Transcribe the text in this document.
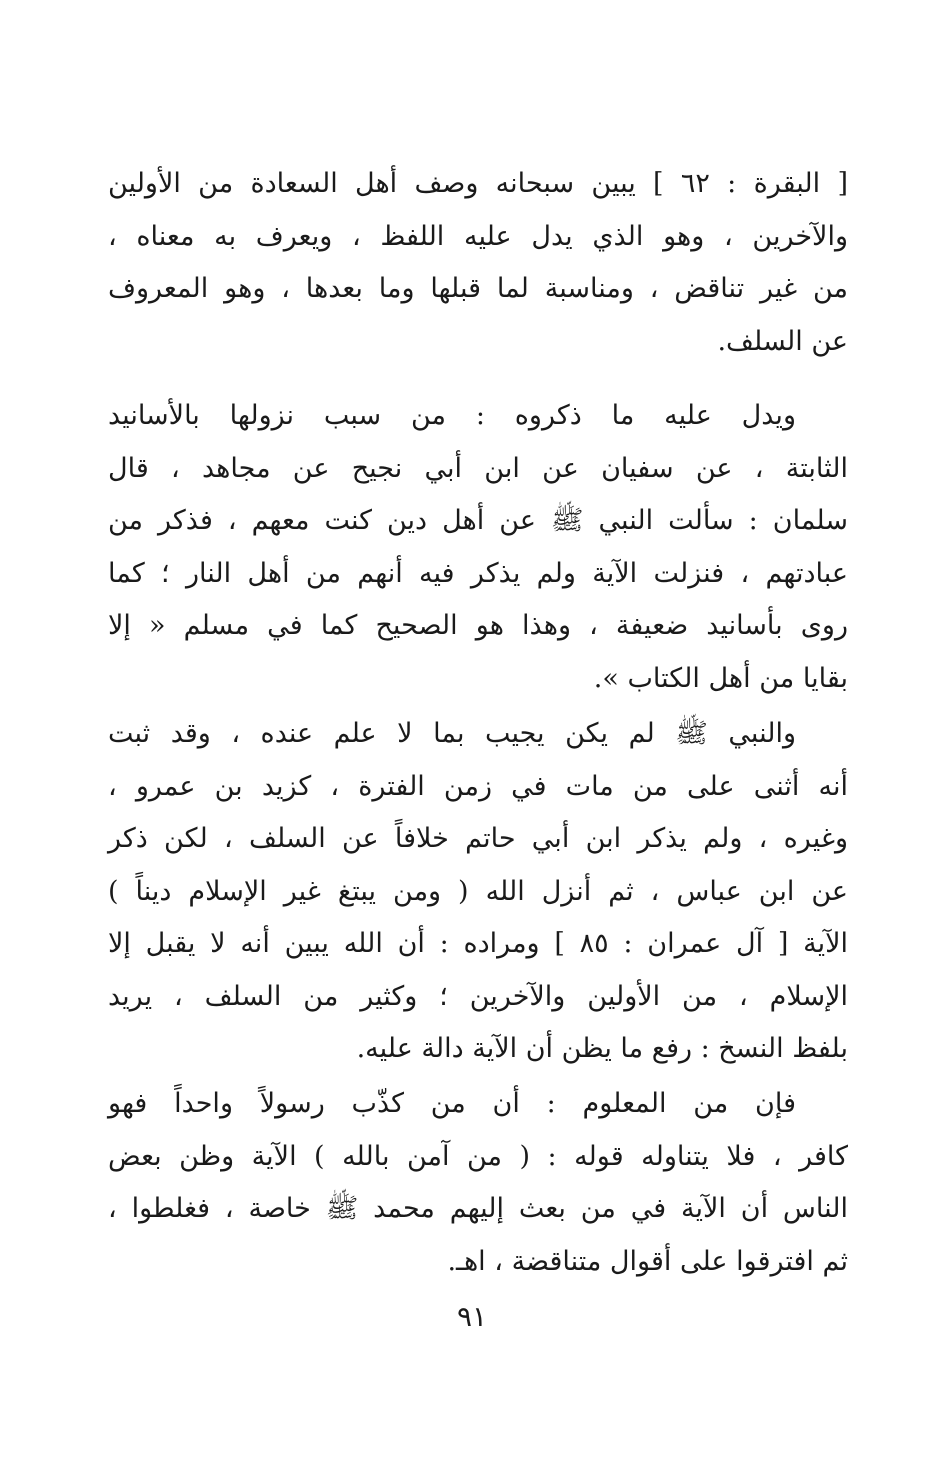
[ البقرة : ٦٢ ] يبين سبحانه وصف أهل السعادة من الأولين
والآخرين ، وهو الذي يدل عليه اللفظ ، ويعرف به معناه ،
من غير تناقض ، ومناسبة لما قبلها وما بعدها ، وهو المعروف
عن السلف.

ويدل عليه ما ذكروه : من سبب نزولها بالأسانيد
الثابتة ، عن سفيان عن ابن أبي نجيح عن مجاهد ، قال
سلمان : سألت النبي ﷺ عن أهل دين كنت معهم ، فذكر من
عبادتهم ، فنزلت الآية ولم يذكر فيه أنهم من أهل النار ؛ كما
روى بأسانيد ضعيفة ، وهذا هو الصحيح كما في مسلم « إلا
بقايا من أهل الكتاب ».

والنبي ﷺ لم يكن يجيب بما لا علم عنده ، وقد ثبت
أنه أثنى على من مات في زمن الفترة ، كزيد بن عمرو ،
وغيره ، ولم يذكر ابن أبي حاتم خلافاً عن السلف ، لكن ذكر
عن ابن عباس ، ثم أنزل الله ( ومن يبتغ غير الإسلام ديناً )
الآية [ آل عمران : ٨٥ ] ومراده : أن الله يبين أنه لا يقبل إلا
الإسلام ، من الأولين والآخرين ؛ وكثير من السلف ، يريد
بلفظ النسخ : رفع ما يظن أن الآية دالة عليه.

فإن من المعلوم : أن من كذّب رسولاً واحداً فهو
كافر ، فلا يتناوله قوله : ( من آمن بالله ) الآية وظن بعض
الناس أن الآية في من بعث إليهم محمد ﷺ خاصة ، فغلطوا ،
ثم افترقوا على أقوال متناقضة ، اهـ.

٩١
